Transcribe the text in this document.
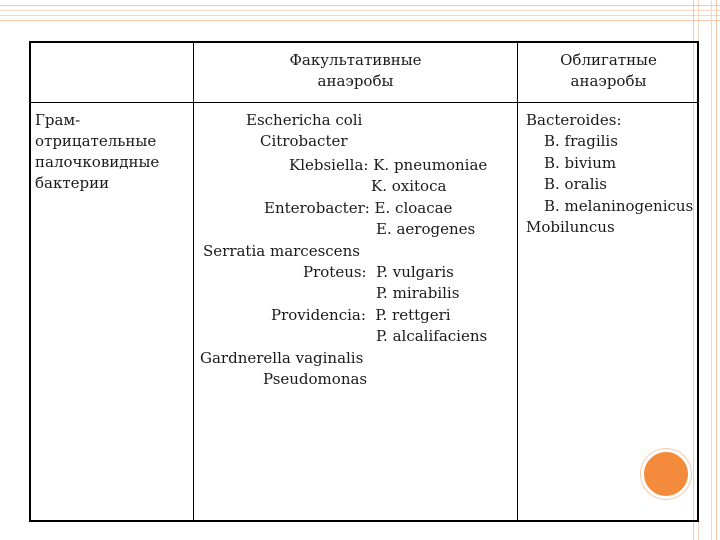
Факультативные
анаэробы
Облигатные
анаэробы
Грам-
отрицательные
палочковидные
бактерии
Eschericha coli
Citrobacter
Klebsiella: K. pneumoniae
K. oxitoca
Enterobacter: E. cloacae
E. aerogenes
Serratia marcescens
Proteus:  P. vulgaris
P. mirabilis
Providencia:  P. rettgeri
P. alcalifaciens
Gardnerella vaginalis
Pseudomonas
Bacteroides:
B. fragilis
B. bivium
B. oralis
B. melaninogenicus
Mobiluncus
